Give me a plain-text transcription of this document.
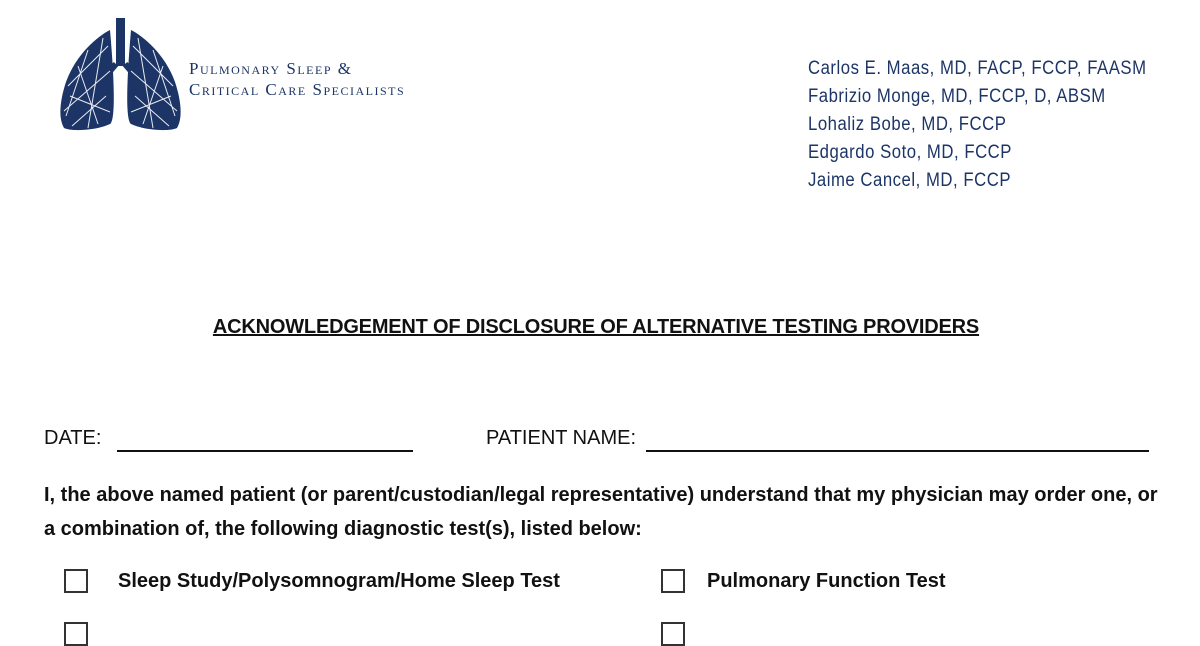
Pulmonary Sleep &
Critical Care Specialists
Carlos E. Maas, MD, FACP, FCCP, FAASM
Fabrizio Monge, MD, FCCP, D, ABSM
Lohaliz Bobe, MD, FCCP
Edgardo Soto, MD, FCCP
Jaime Cancel, MD, FCCP
ACKNOWLEDGEMENT OF DISCLOSURE OF ALTERNATIVE TESTING PROVIDERS
DATE:	PATIENT NAME:
I, the above named patient (or parent/custodian/legal representative) understand that my physician may order one, or a combination of, the following diagnostic test(s), listed below:
Sleep Study/Polysomnogram/Home Sleep Test	Pulmonary Function Test
